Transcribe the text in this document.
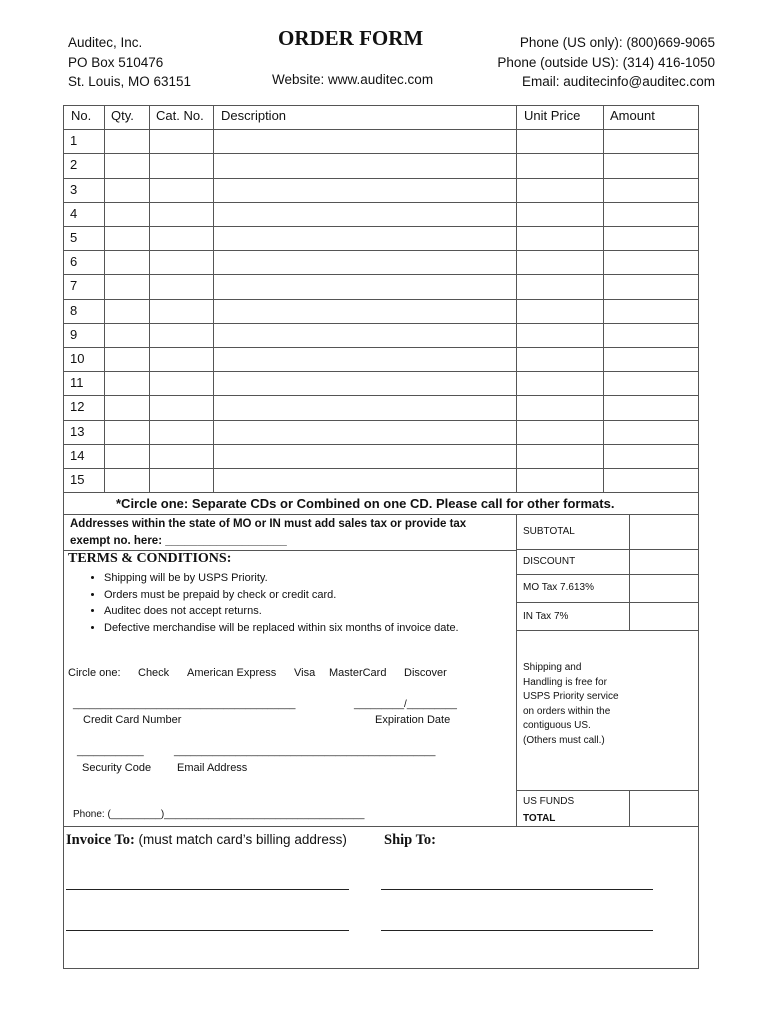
Auditec, Inc.
PO Box 510476
St. Louis, MO 63151
ORDER FORM
Website: www.auditec.com
Phone (US only): (800)669-9065
Phone (outside US): (314) 416-1050
Email: auditecinfo@auditec.com
No. Qty. Cat. No. Description	Unit Price Amount
1
2
3
4
5
6
7
8
9
10
11
12
13
14
15
*Circle one: Separate CDs or Combined on one CD. Please call for other formats.
Addresses within the state of MO or IN must add sales tax or provide tax
exempt no. here: ___________________
TERMS & CONDITIONS:
• Shipping will be by USPS Priority.
• Orders must be prepaid by check or credit card.
• Auditec does not accept returns.
• Defective merchandise will be replaced within six months of invoice date.
Circle one: Check American Express Visa MasterCard Discover
________________________________________	_________/_________
Credit Card Number	Expiration Date
____________	_______________________________________________
Security Code Email Address
Phone: (_________)____________________________________
SUBTOTAL
DISCOUNT
MO Tax 7.613%
IN Tax 7%
Shipping and Handling is free for USPS Priority service on orders within the contiguous US. (Others must call.)
US FUNDS
TOTAL
Invoice To: (must match card’s billing address)	Ship To:
